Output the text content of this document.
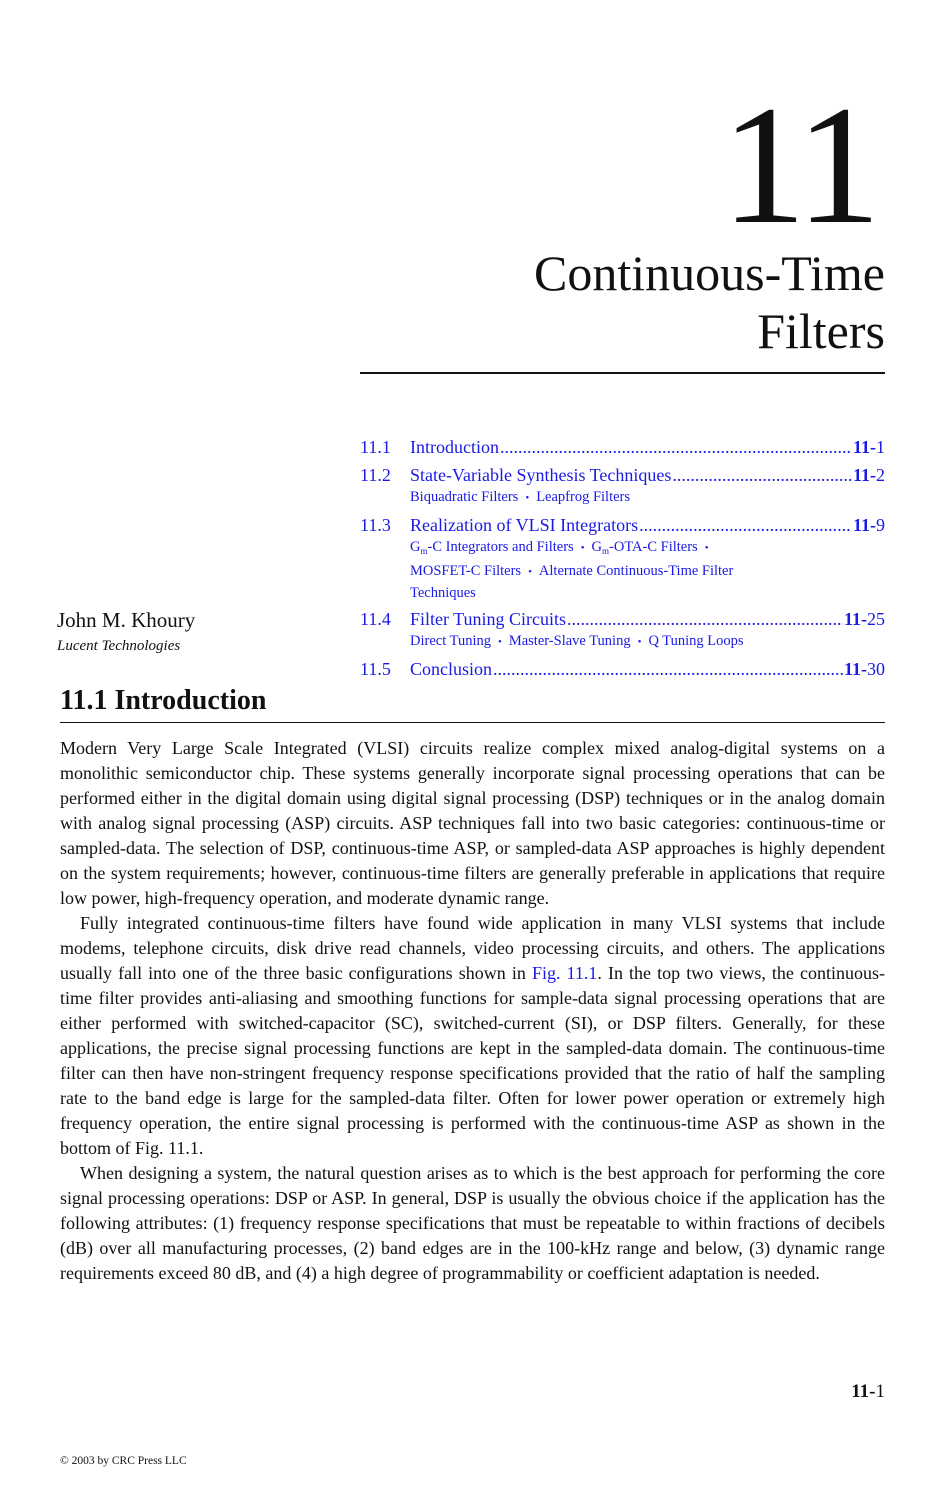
11
Continuous-Time
Filters
11.1	Introduction .....	11-1
11.2	State-Variable Synthesis Techniques .....	11-2
Biquadratic Filters • Leapfrog Filters
11.3	Realization of VLSI Integrators .....	11-9
$G_m-C$ Integrators and Filters • $G_m-OTA-C$ Filters •
MOSFET-C Filters • Alternate Continuous-Time Filter
Techniques
11.4	Filter Tuning Circuits .....	11-25
Direct Tuning • Master-Slave Tuning • Q Tuning Loops
11.5	Conclusion .....	11-30
John M. Khoury
Lucent Technologies
11.1 Introduction

Modern Very Large Scale Integrated (VLSI) circuits realize complex mixed analog-digital systems on a monolithic semiconductor chip. These systems generally incorporate signal processing operations that can be performed either in the digital domain using digital signal processing (DSP) techniques or in the analog domain with analog signal processing (ASP) circuits. ASP techniques fall into two basic categories: continuous-time or sampled-data. The selection of DSP, continuous-time ASP, or sampled-data ASP approaches is highly dependent on the system requirements; however, continuous-time filters are generally preferable in applications that require low power, high-frequency operation, and moderate dynamic range.

Fully integrated continuous-time filters have found wide application in many VLSI systems that include modems, telephone circuits, disk drive read channels, video processing circuits, and others. The applications usually fall into one of the three basic configurations shown in Fig. 11.1. In the top two views, the continuous-time filter provides anti-aliasing and smoothing functions for sample-data signal processing operations that are either performed with switched-capacitor (SC), switched-current (SI), or DSP filters. Generally, for these applications, the precise signal processing functions are kept in the sampled-data domain. The continuous-time filter can then have non-stringent frequency response specifications provided that the ratio of half the sampling rate to the band edge is large for the sampled-data filter. Often for lower power operation or extremely high frequency operation, the entire signal processing is performed with the continuous-time ASP as shown in the bottom of Fig. 11.1.

When designing a system, the natural question arises as to which is the best approach for performing the core signal processing operations: DSP or ASP. In general, DSP is usually the obvious choice if the application has the following attributes: (1) frequency response specifications that must be repeatable to within fractions of decibels (dB) over all manufacturing processes, (2) band edges are in the 100-kHz range and below, (3) dynamic range requirements exceed 80 dB, and (4) a high degree of programmability or coefficient adaptation is needed.

11-1
© 2003 by CRC Press LLC
